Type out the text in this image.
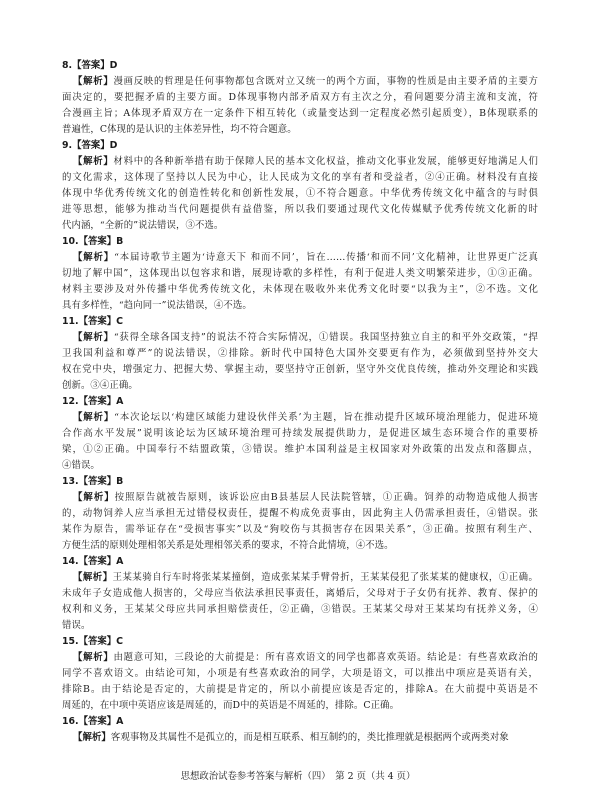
8.【答案】D
【解析】漫画反映的哲理是任何事物都包含既对立又统一的两个方面，事物的性质是由主要矛盾的主要方
面决定的，要把握矛盾的主要方面。D体现事物内部矛盾双方有主次之分，看问题要分清主流和支流，符
合漫画主旨；A体现矛盾双方在一定条件下相互转化（或量变达到一定程度必然引起质变），B体现联系的
普遍性，C体现的是认识的主体差异性，均不符合题意。
9.【答案】D
【解析】材料中的各种新举措有助于保障人民的基本文化权益，推动文化事业发展，能够更好地满足人们
的文化需求，这体现了坚持以人民为中心，让人民成为文化的享有者和受益者，②④正确。材料没有直接
体现中华优秀传统文化的创造性转化和创新性发展，①不符合题意。中华优秀传统文化中蕴含的与时俱
进等思想，能够为推动当代问题提供有益借鉴，所以我们要通过现代文化传媒赋予优秀传统文化新的时
代内涵，“全新的”说法错误，③不选。
10.【答案】B
【解析】“本届诗歌节主题为‘诗意天下 和而不同’，旨在……传播‘和而不同’文化精神，让世界更广泛真
切地了解中国”，这体现出以包容求和谐，展现诗歌的多样性，有利于促进人类文明繁荣进步，①③正确。
材料主要涉及对外传播中华优秀传统文化，未体现在吸收外来优秀文化时要“以我为主”，②不选。文化
具有多样性，“趋向同一”说法错误，④不选。
11.【答案】C
【解析】“获得全球各国支持”的说法不符合实际情况，①错误。我国坚持独立自主的和平外交政策，“捍
卫我国利益和尊严”的说法错误，②排除。新时代中国特色大国外交要更有作为，必须做到坚持外交大
权在党中央，增强定力、把握大势、掌握主动，要坚持守正创新，坚守外交优良传统，推动外交理论和实践
创新。③④正确。
12.【答案】A
【解析】“本次论坛以‘构建区域能力建设伙伴关系’为主题，旨在推动提升区域环境治理能力，促进环境
合作高水平发展”说明该论坛为区域环境治理可持续发展提供助力，是促进区域生态环境合作的重要桥
梁，①②正确。中国奉行不结盟政策，③错误。维护本国利益是主权国家对外政策的出发点和落脚点，
④错误。
13.【答案】B
【解析】按照原告就被告原则，该诉讼应由B县基层人民法院管辖，①正确。饲养的动物造成他人损害
的，动物饲养人应当承担无过错侵权责任，提醒不构成免责事由，因此狗主人仍需承担责任，④错误。张
某作为原告，需举证存在“受损害事实”以及“狗咬伤与其损害存在因果关系”，③正确。按照有利生产、
方便生活的原则处理相邻关系是处理相邻关系的要求，不符合此情境，④不选。
14.【答案】A
【解析】王某某骑自行车时将张某某撞倒，造成张某某手臂骨折，王某某侵犯了张某某的健康权，①正确。
未成年子女造成他人损害的，父母应当依法承担民事责任，离婚后，父母对于子女仍有抚养、教育、保护的
权利和义务，王某某父母应共同承担赔偿责任，②正确，③错误。王某某父母对王某某均有抚养义务，④
错误。
15.【答案】C
【解析】由题意可知，三段论的大前提是：所有喜欢语文的同学也都喜欢英语。结论是：有些喜欢政治的
同学不喜欢语文。由结论可知，小项是有些喜欢政治的同学，大项是语文，可以推出中项应是英语有关，
排除B。由于结论是否定的，大前提是肯定的，所以小前提应该是否定的，排除A。在大前提中英语是不
周延的，在中项中英语应该是周延的，而D中的英语是不周延的，排除。C正确。
16.【答案】A
【解析】客观事物及其属性不是孤立的，而是相互联系、相互制约的，类比推理就是根据两个或两类对象
思想政治试卷参考答案与解析（四）　第 2 页（共 4 页）
